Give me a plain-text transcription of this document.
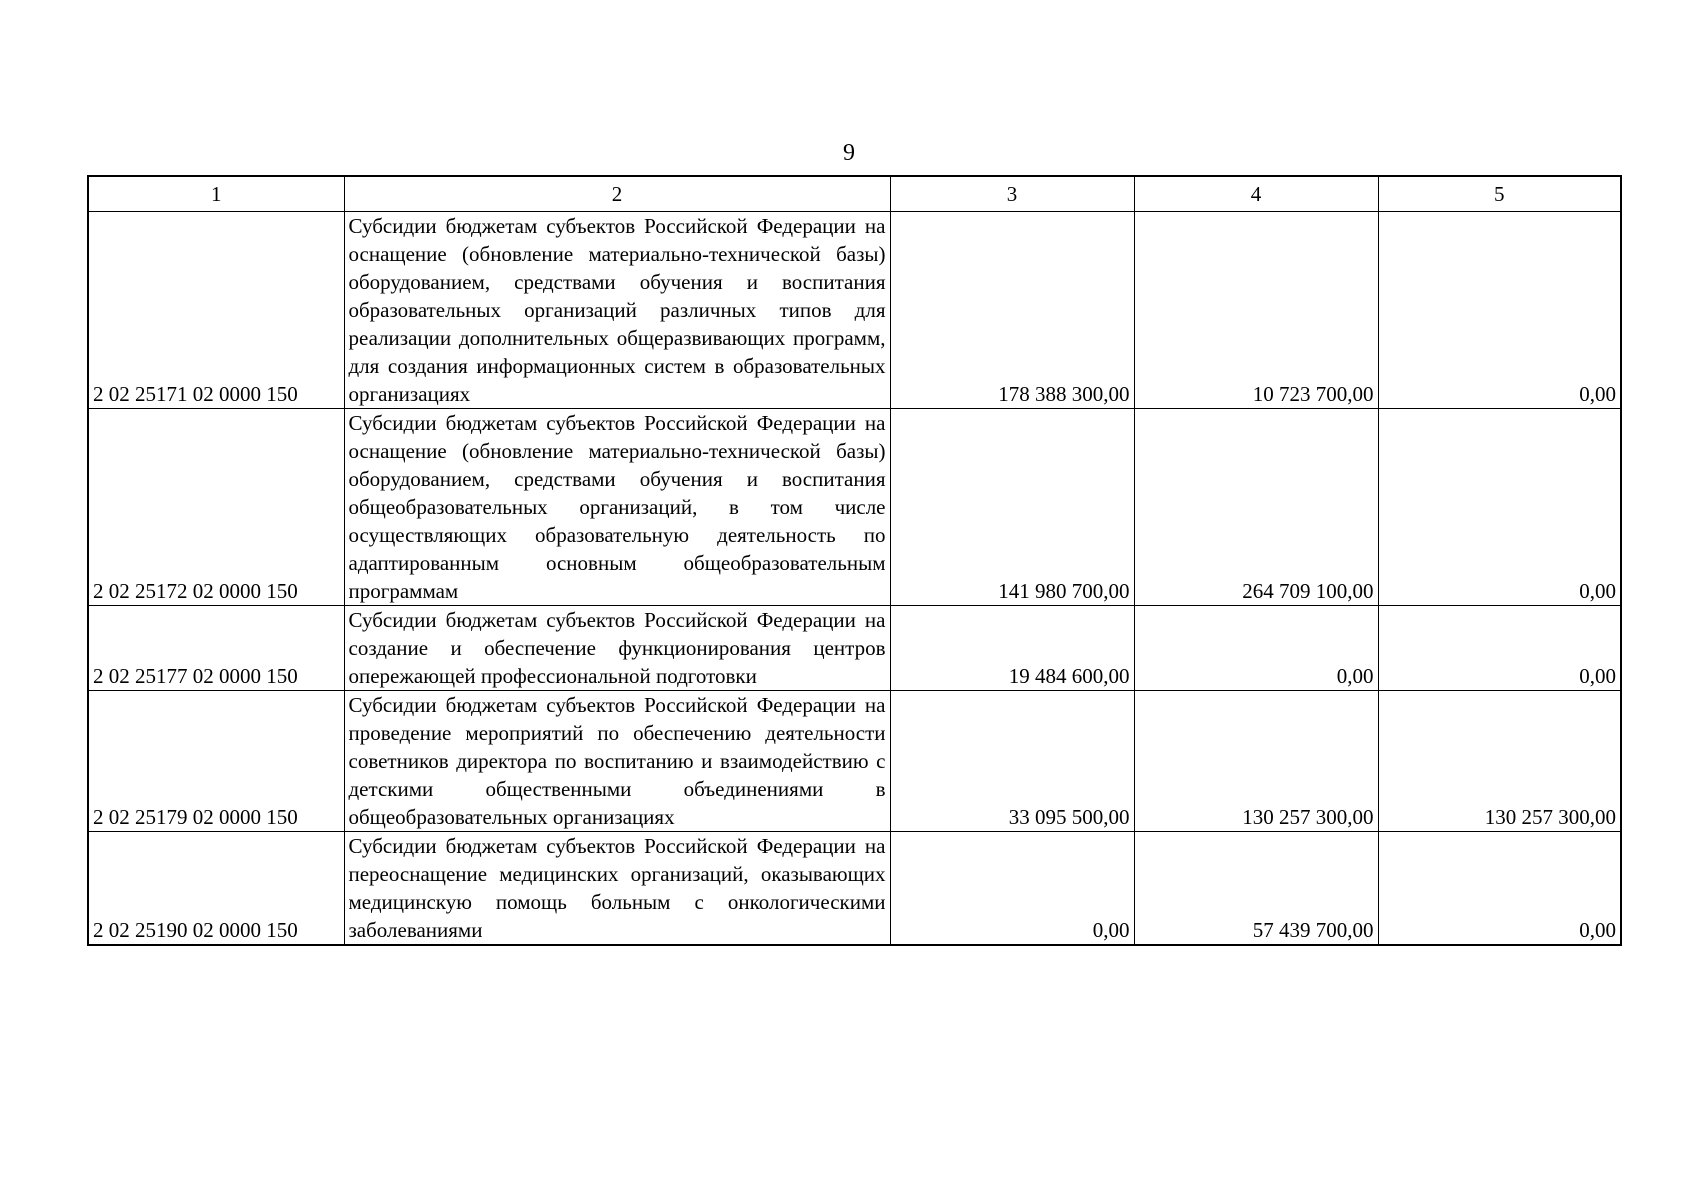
9
1	2	3	4	5
2 02 25171 02 0000 150	Субсидии бюджетам субъектов Российской Федерации на оснащение (обновление материально-технической базы) оборудованием, средствами обучения и воспитания образовательных организаций различных типов для реализации дополнительных общеразвивающих программ, для создания информационных систем в образовательных организациях	178 388 300,00	10 723 700,00	0,00
2 02 25172 02 0000 150	Субсидии бюджетам субъектов Российской Федерации на оснащение (обновление материально-технической базы) оборудованием, средствами обучения и воспитания общеобразовательных организаций, в том числе осуществляющих образовательную деятельность по адаптированным основным общеобразовательным программам	141 980 700,00	264 709 100,00	0,00
2 02 25177 02 0000 150	Субсидии бюджетам субъектов Российской Федерации на создание и обеспечение функционирования центров опережающей профессиональной подготовки	19 484 600,00	0,00	0,00
2 02 25179 02 0000 150	Субсидии бюджетам субъектов Российской Федерации на проведение мероприятий по обеспечению деятельности советников директора по воспитанию и взаимодействию с детскими общественными объединениями в общеобразовательных организациях	33 095 500,00	130 257 300,00	130 257 300,00
2 02 25190 02 0000 150	Субсидии бюджетам субъектов Российской Федерации на переоснащение медицинских организаций, оказывающих медицинскую помощь больным с онкологическими заболеваниями	0,00	57 439 700,00	0,00
